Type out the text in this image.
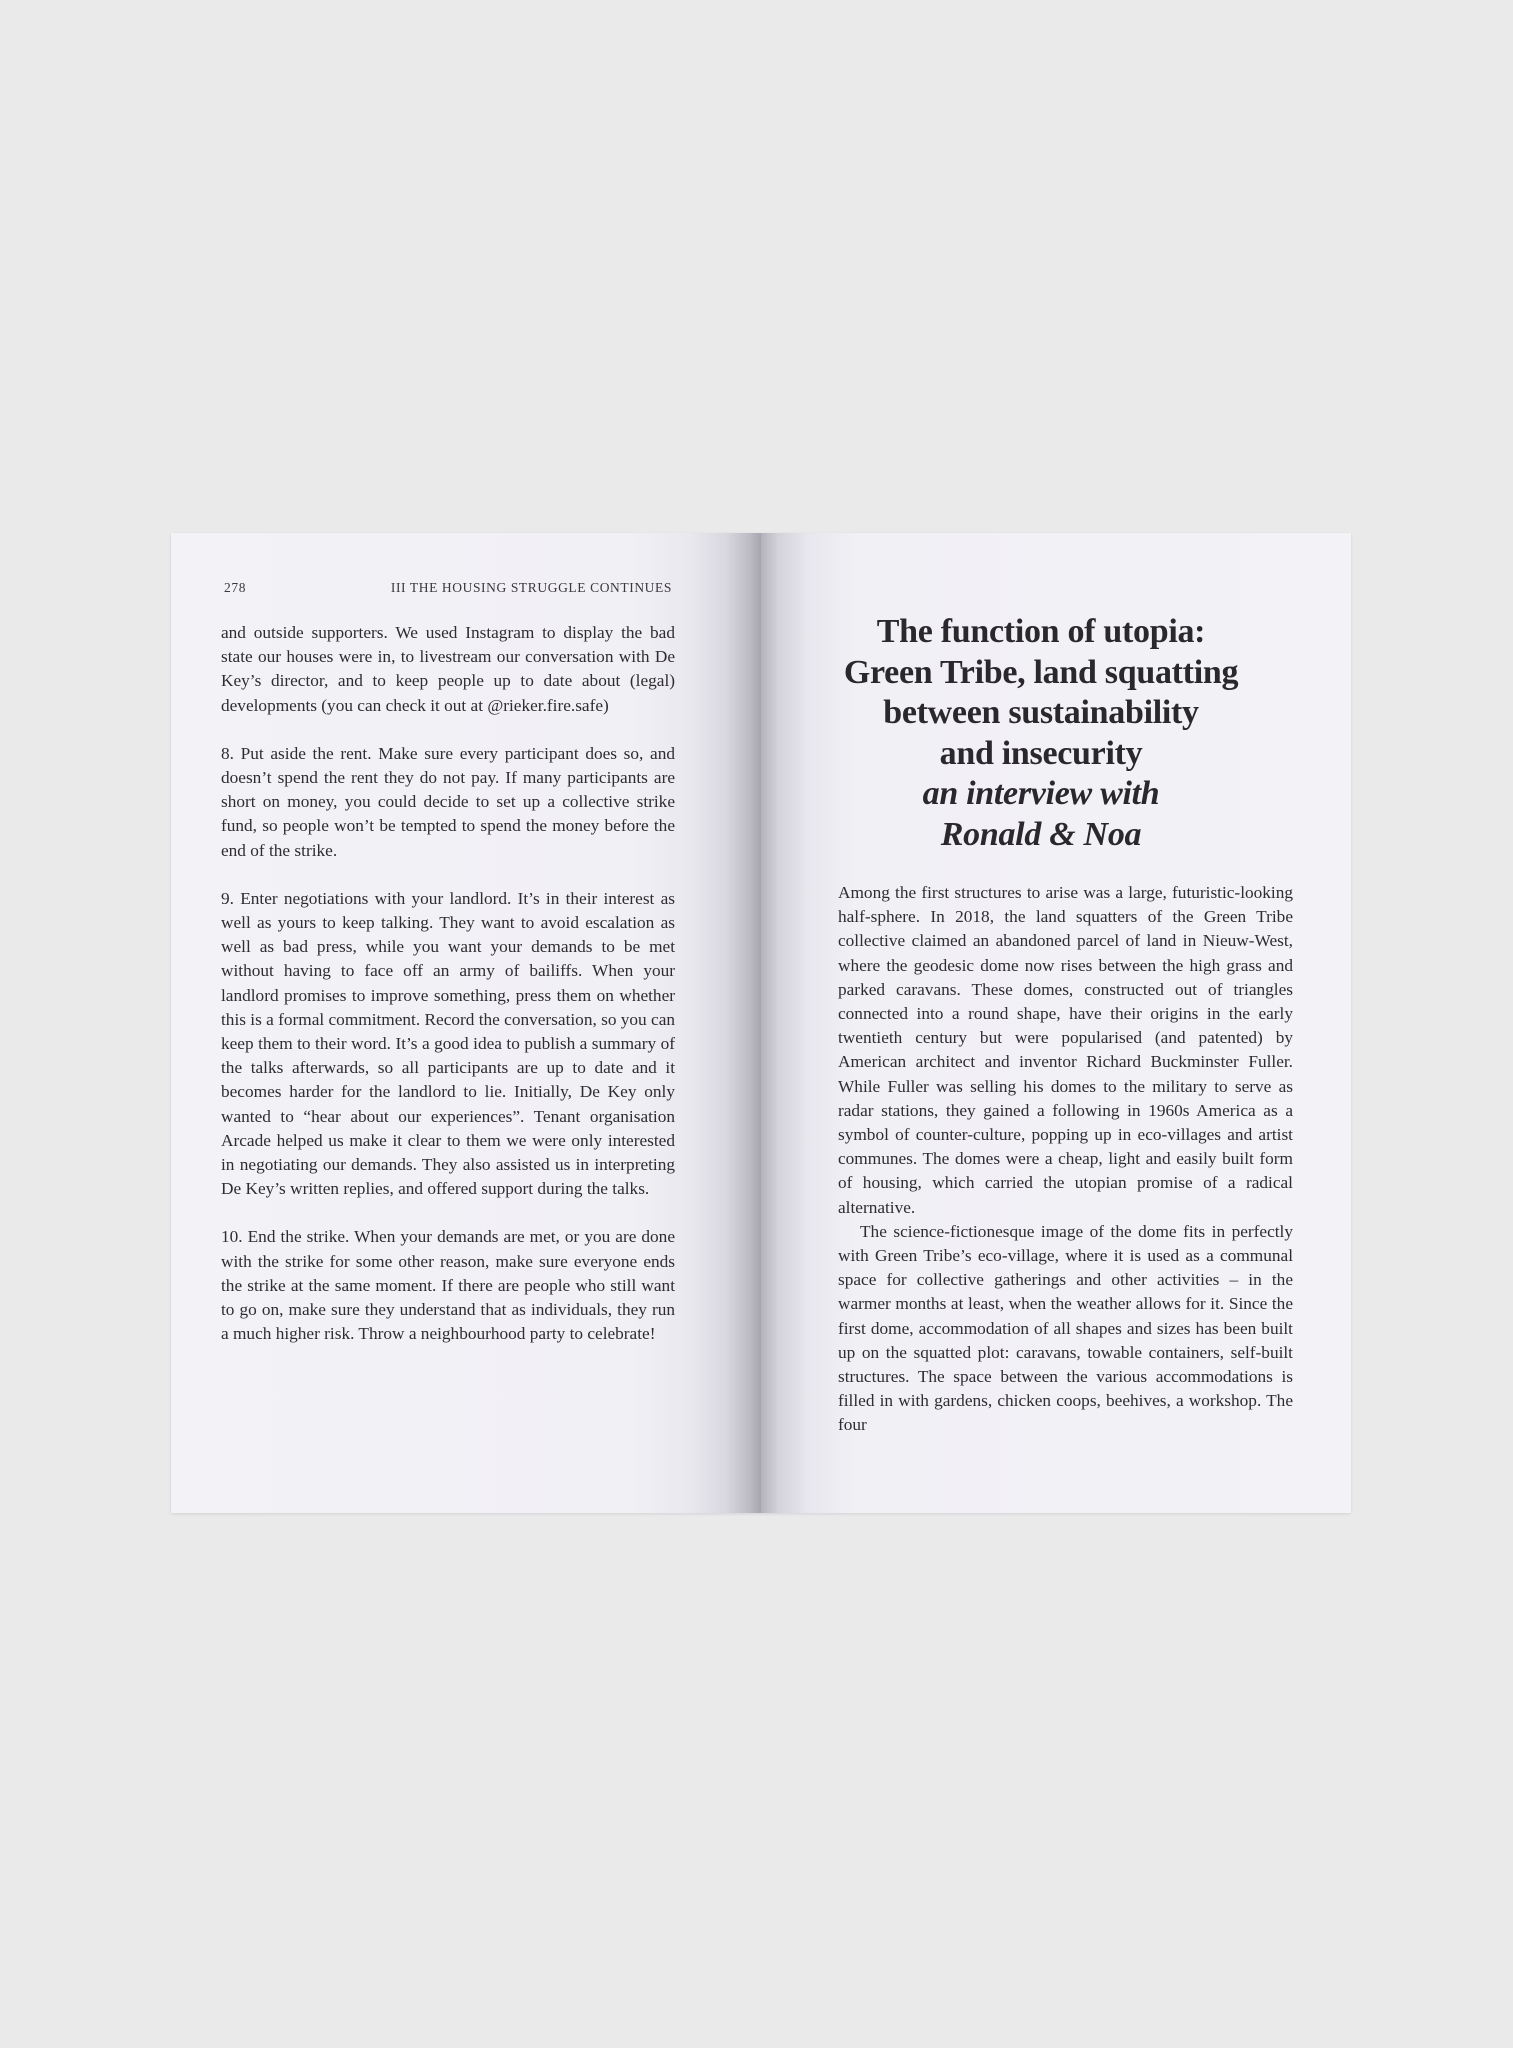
278	III THE HOUSING STRUGGLE CONTINUES

and outside supporters. We used Instagram to display the bad state our houses were in, to livestream our conversation with De Key’s director, and to keep people up to date about (legal) developments (you can check it out at @rieker.fire.safe)

8. Put aside the rent. Make sure every participant does so, and doesn’t spend the rent they do not pay. If many participants are short on money, you could decide to set up a collective strike fund, so people won’t be tempted to spend the money before the end of the strike.

9. Enter negotiations with your landlord. It’s in their interest as well as yours to keep talking. They want to avoid escalation as well as bad press, while you want your demands to be met without having to face off an army of bailiffs. When your landlord promises to improve something, press them on whether this is a formal commitment. Record the conversation, so you can keep them to their word. It’s a good idea to publish a summary of the talks afterwards, so all participants are up to date and it becomes harder for the landlord to lie. Initially, De Key only wanted to “hear about our experiences”. Tenant organisation Arcade helped us make it clear to them we were only interested in negotiating our demands. They also assisted us in interpreting De Key’s written replies, and offered support during the talks.

10. End the strike. When your demands are met, or you are done with the strike for some other reason, make sure everyone ends the strike at the same moment. If there are people who still want to go on, make sure they understand that as individuals, they run a much higher risk. Throw a neighbourhood party to celebrate!

The function of utopia:
Green Tribe, land squatting
between sustainability
and insecurity
an interview with
Ronald & Noa

Among the first structures to arise was a large, futuristic-looking half-sphere. In 2018, the land squatters of the Green Tribe collective claimed an abandoned parcel of land in Nieuw-West, where the geodesic dome now rises between the high grass and parked caravans. These domes, constructed out of triangles connected into a round shape, have their origins in the early twentieth century but were popularised (and patented) by American architect and inventor Richard Buckminster Fuller. While Fuller was selling his domes to the military to serve as radar stations, they gained a following in 1960s America as a symbol of counter-culture, popping up in eco-villages and artist communes. The domes were a cheap, light and easily built form of housing, which carried the utopian promise of a radical alternative.

The science-fictionesque image of the dome fits in perfectly with Green Tribe’s eco-village, where it is used as a communal space for collective gatherings and other activities – in the warmer months at least, when the weather allows for it. Since the first dome, accommodation of all shapes and sizes has been built up on the squatted plot: caravans, towable containers, self-built structures. The space between the various accommodations is filled in with gardens, chicken coops, beehives, a workshop. The four
